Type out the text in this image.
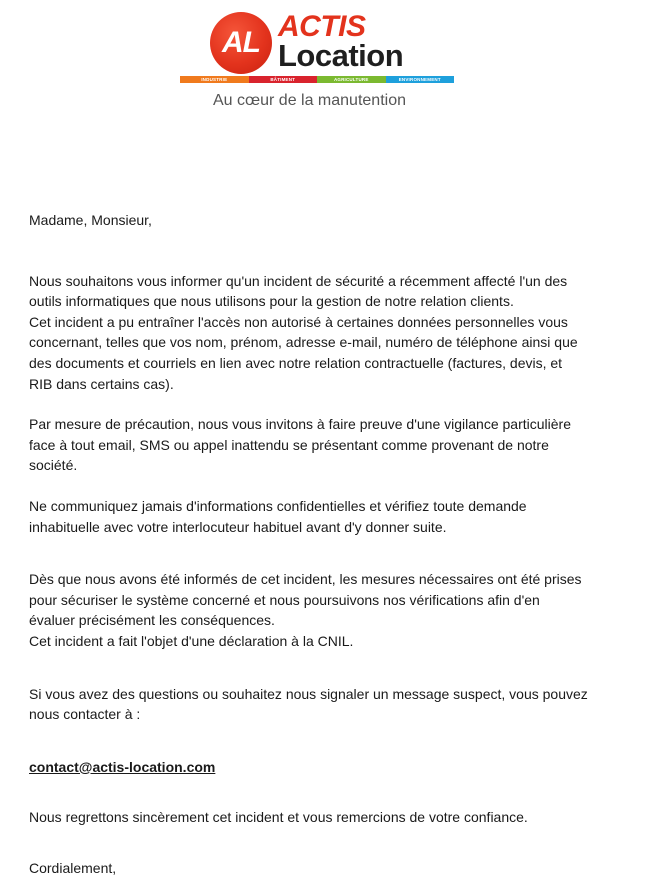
AL ACTIS
Location
INDUSTRIE	BÂTIMENT	AGRICULTURE	ENVIRONNEMENT
Au cœur de la manutention

Madame, Monsieur,

Nous souhaitons vous informer qu'un incident de sécurité a récemment affecté l'un des
outils informatiques que nous utilisons pour la gestion de notre relation clients.
Cet incident a pu entraîner l'accès non autorisé à certaines données personnelles vous
concernant, telles que vos nom, prénom, adresse e-mail, numéro de téléphone ainsi que
des documents et courriels en lien avec notre relation contractuelle (factures, devis, et
RIB dans certains cas).

Par mesure de précaution, nous vous invitons à faire preuve d'une vigilance particulière
face à tout email, SMS ou appel inattendu se présentant comme provenant de notre
société.

Ne communiquez jamais d'informations confidentielles et vérifiez toute demande
inhabituelle avec votre interlocuteur habituel avant d'y donner suite.

Dès que nous avons été informés de cet incident, les mesures nécessaires ont été prises
pour sécuriser le système concerné et nous poursuivons nos vérifications afin d'en
évaluer précisément les conséquences.
Cet incident a fait l'objet d'une déclaration à la CNIL.

Si vous avez des questions ou souhaitez nous signaler un message suspect, vous pouvez
nous contacter à :

contact@actis-location.com

Nous regrettons sincèrement cet incident et vous remercions de votre confiance.

Cordialement,
